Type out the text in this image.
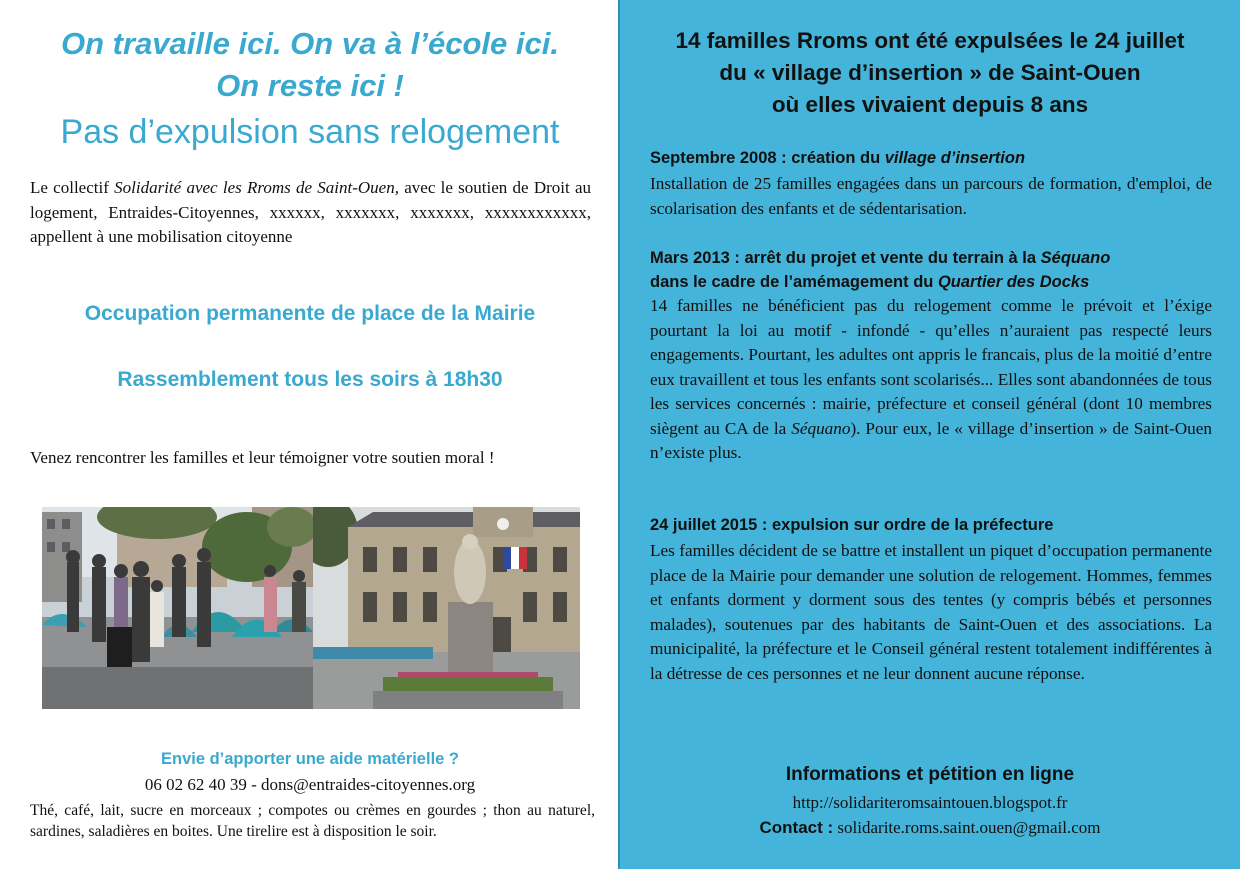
On travaille ici. On va à l’école ici.
On reste ici !
Pas d’expulsion sans relogement
Le collectif Solidarité avec les Rroms de Saint-Ouen, avec le soutien de Droit au logement, Entraides-Citoyennes, xxxxxx, xxxxxxx, xxxxxxx, xxxxxxxxxxxx, appellent à une mobilisation citoyenne
Occupation permanente de place de la Mairie
Rassemblement tous les soirs à 18h30
Venez rencontrer les familles et leur témoigner votre soutien moral !
Envie d’apporter une aide matérielle ?
06 02 62 40 39 - dons@entraides-citoyennes.org
Thé, café, lait, sucre en morceaux ; compotes ou crèmes en gourdes ; thon au naturel, sardines, saladières en boites. Une tirelire est à disposition le soir.
14 familles Rroms ont été expulsées le 24 juillet
du « village d’insertion » de Saint-Ouen
où elles vivaient depuis 8 ans
Septembre 2008 : création du village d’insertion
Installation de 25 familles engagées dans un parcours de formation, d'emploi, de scolarisation des enfants et de sédentarisation.
Mars 2013 : arrêt du projet et vente du terrain à la Séquano
dans le cadre de l’amémagement du Quartier des Docks
14 familles ne bénéficient pas du relogement comme le prévoit et l’éxige pourtant la loi au motif - infondé - qu’elles n’auraient pas respecté leurs engagements. Pourtant, les adultes ont appris le francais, plus de la moitié d’entre eux travaillent et tous les enfants sont scolarisés... Elles sont abandonnées de tous les services concernés : mairie, préfecture et conseil général (dont 10 membres siègent au CA de la Séquano). Pour eux, le « village d’insertion » de Saint-Ouen n’existe plus.
24 juillet 2015 : expulsion sur ordre de la préfecture
Les familles décident de se battre et installent un piquet d’occupation permanente place de la Mairie pour demander une solution de relogement. Hommes, femmes et enfants dorment y dorment sous des tentes (y compris bébés et personnes malades), soutenues par des habitants de Saint-Ouen et des associations. La municipalité, la préfecture et le Conseil général restent totalement indifférentes à la détresse de ces personnes et ne leur donnent aucune réponse.
Informations et pétition en ligne
http://solidariteromsaintouen.blogspot.fr
Contact : solidarite.roms.saint.ouen@gmail.com
